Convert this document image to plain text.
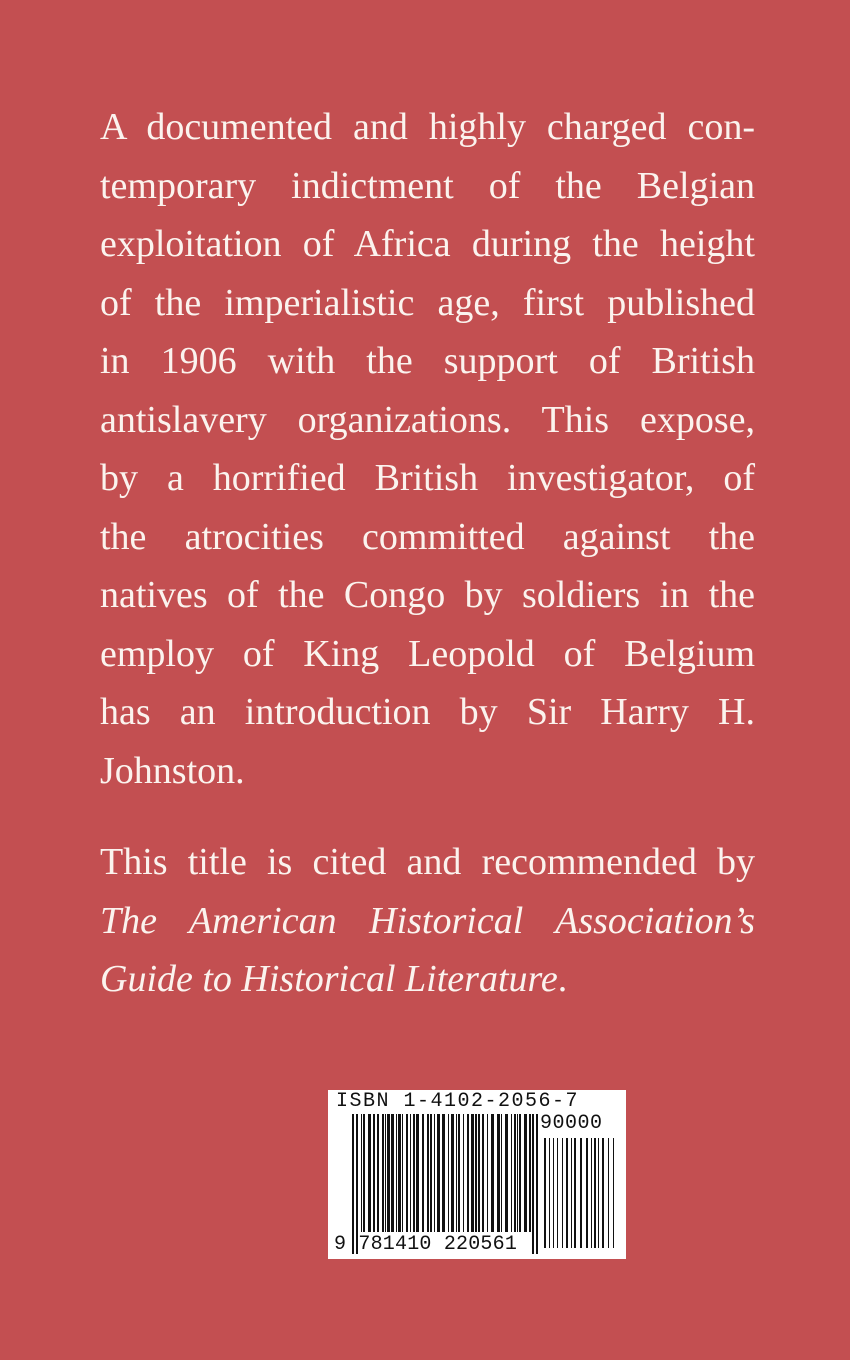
A documented and highly charged con-
temporary indictment of the Belgian
exploitation of Africa during the height
of the imperialistic age, first published
in 1906 with the support of British
antislavery organizations. This expose,
by a horrified British investigator, of
the atrocities committed against the
natives of the Congo by soldiers in the
employ of King Leopold of Belgium
has an introduction by Sir Harry H.
Johnston.
This title is cited and recommended by
The American Historical Association’s
Guide to Historical Literature.
ISBN 1-4102-2056-7
90000
9 781410 220561
